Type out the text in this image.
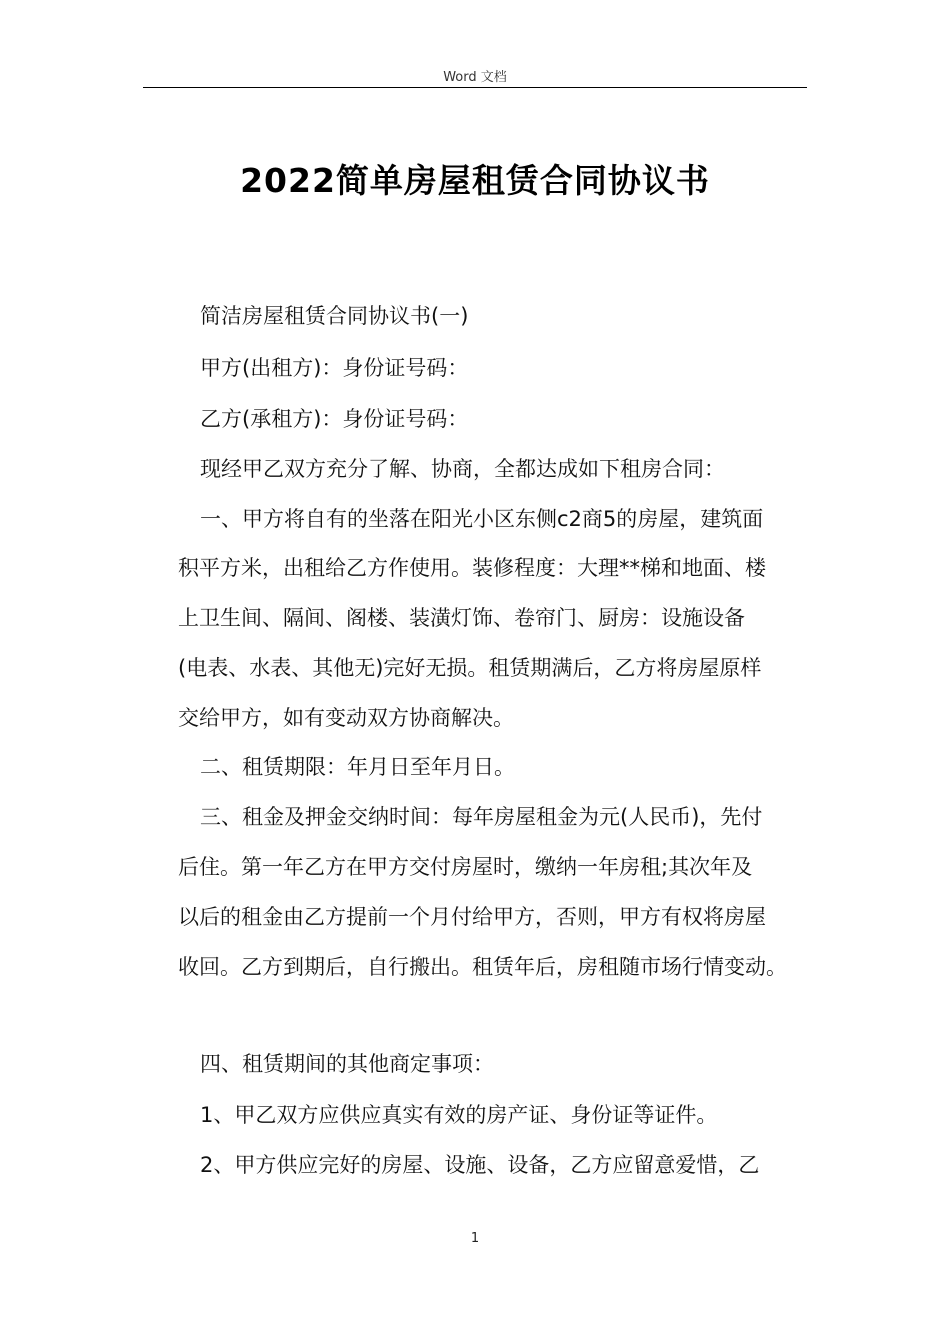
Word 文档
2022简单房屋租赁合同协议书
简洁房屋租赁合同协议书(一)
甲方(出租方)：身份证号码：
乙方(承租方)：身份证号码：
现经甲乙双方充分了解、协商，全都达成如下租房合同：
一、甲方将自有的坐落在阳光小区东侧c2商5的房屋，建筑面
积平方米，出租给乙方作使用。装修程度：大理**梯和地面、楼
上卫生间、隔间、阁楼、装潢灯饰、卷帘门、厨房：设施设备
(电表、水表、其他无)完好无损。租赁期满后，乙方将房屋原样
交给甲方，如有变动双方协商解决。
二、租赁期限：年月日至年月日。
三、租金及押金交纳时间：每年房屋租金为元(人民币)，先付
后住。第一年乙方在甲方交付房屋时，缴纳一年房租;其次年及
以后的租金由乙方提前一个月付给甲方，否则，甲方有权将房屋
收回。乙方到期后，自行搬出。租赁年后，房租随市场行情变动。
四、租赁期间的其他商定事项：
1、甲乙双方应供应真实有效的房产证、身份证等证件。
2、甲方供应完好的房屋、设施、设备，乙方应留意爱惜，乙
1
